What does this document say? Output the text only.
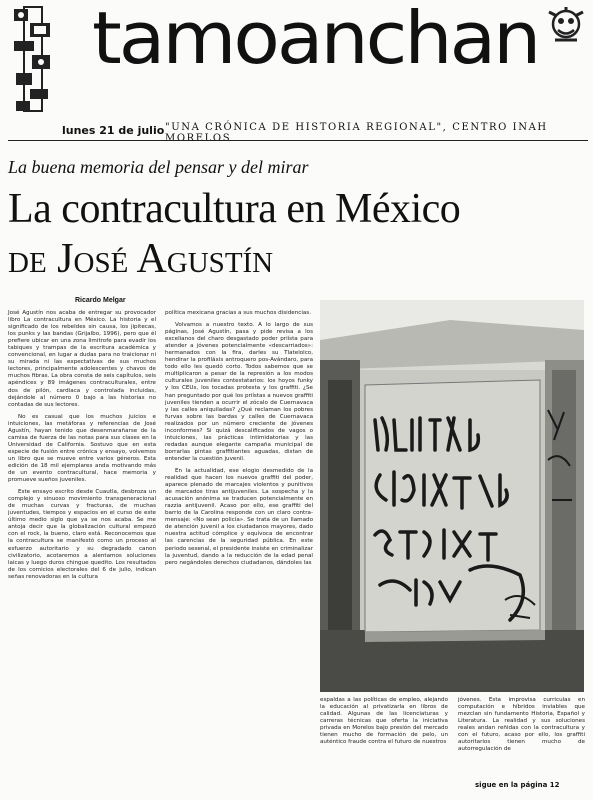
tamoanchan
lunes 21 de julio "UNA CRÓNICA DE HISTORIA REGIONAL", CENTRO INAH MORELOS
La buena memoria del pensar y del mirar
La contracultura en México
de José Agustín
Ricardo Melgar

José Agustín nos acaba de entregar su provocador libro La contracultura en México. La historia y el significado de los rebeldes sin causa, los jipitecas, los punks y las bandas (Grijalbo, 1996), pero que él prefiere ubicar en una zona limitrofe para evadir los tabiques y trampas de la escritura académica y convencional, en lugar a dudas para no traicionar ni su mirada ni las expectativas de sus muchos lectores, principalmente adolescentes y chavos de muchos fibras. La obra consta de seis capítulos, seis apéndices y 89 imágenes contraculturales, entre dos de pilón, cardiaca y controlada incluidas, dejándole al número 0 bajo a las historias no contadas de sus lectores.

No es casual que los muchos juicios e intuiciones, las metáforas y referencias de José Agustín, hayan tenido que desenmarañarse de la camisa de fuerza de las notas para sus clases en la Universidad de California. Sostuvo que en esta especie de fusión entre crónica y ensayo, volvemos un libro que se mueve entre varios géneros. Esta edición de 18 mil ejemplares anda motivando más de un evento contracultural, hace memoria y promueve sueños juveniles.

Este ensayo escrito desde Cuautla, desbroza un complejo y sinuoso movimiento transgeneracional de muchas curvas y fracturas, de muchas juventudes, tiempos y espacios en el curso de este último medio siglo que ya se nos acaba. Se me antoja decir que la globalización cultural empezó con el rock, la bueno, claro está. Reconocemos que la contracultura se manifestó como un proceso al esfuerzo autoritario y su degradado canon civilizatorio, acotaremos a alentamos soluciones laicas y luego duros chingue quedito. Los resultados de los comicios electorales del 6 de julio, indican señas renovadoras en la cultura

política mexicana gracias a sus muchos disidencias.

Volvamos a nuestro texto. A lo largo de sus páginas, José Agustín, pasa y pide revisa a los excelianos del charo desgastado poder priísta para atender a jóvenes potencialmente «descarriados»: hermanados con la fira, darles su Tlatelolco, hendirar la profiláxis antroquero pos-Avándaro, para todo ello les quedó corto. Todos sabemos que se multiplicaron a pesar de la represión a los modos culturales juveniles contestatarios: los hoyos funky y los CEUs, los tocadas protesta y los graffiti. ¿Se han preguntado por qué los priístas a nuevos graffiti juveniles tienden a ocurrir el zócalo de Cuernavaca y las calles aniquiladas? ¿Qué reclaman los pobres furvas sobre las bardas y calles de Cuernavaca realizados por un número creciente de jóvenes inconformes? Si quizá descalificados de vagos o intuiciones, las prácticas intimidatorias y las redadas aunque elegante campaña municipal de borrarlas pintas graffitiantes aguadas, distan de entender la cuestión juvenil.

En la actualidad, ese elogio desmedido de la realidad que hacen los nuevos graffiti del poder, aparece plenado de marcajes violentos y punitivos de marcados tiras antijuveniles. La sospecha y la acusación anónima se traducen potencialmente en razzia antijuvenil. Acaso por ello, ese graffiti del barrio de la Carolina responde con un claro contra-mensaje: «No sean policía». Se trata de un llamado de atención juvenil a los ciudadanos mayores, dado nuestra actitud cómplice y equívoca de encontrar las carencias de la seguridad pública. En este periodo sexenal, el presidente insiste en criminalizar la juventud, dando a la reducción de la edad penal pero negándoles derechos ciudadanos, dándoles las

espaldas a las políticas de empleo, alejando la educación al privatizarla en libros de calidad. Algunas de las licenciaturas y carreras técnicas que oferta la iniciativa privada en Morelos bajo presión del mercado tienen mucho de formación de pelo, un auténtico fraude contra el futuro de nuestros

jóvenes. Esta improvisa curriculas en computación e híbridos inviables que mezclan sin fundamento Historia, Español y Literatura. La realidad y sus soluciones reales andan reñidas con la contracultura y con el futuro, acaso por ello, los graffiti autoritarios tienen mucho de autorregulación de

sigue en la página 12
